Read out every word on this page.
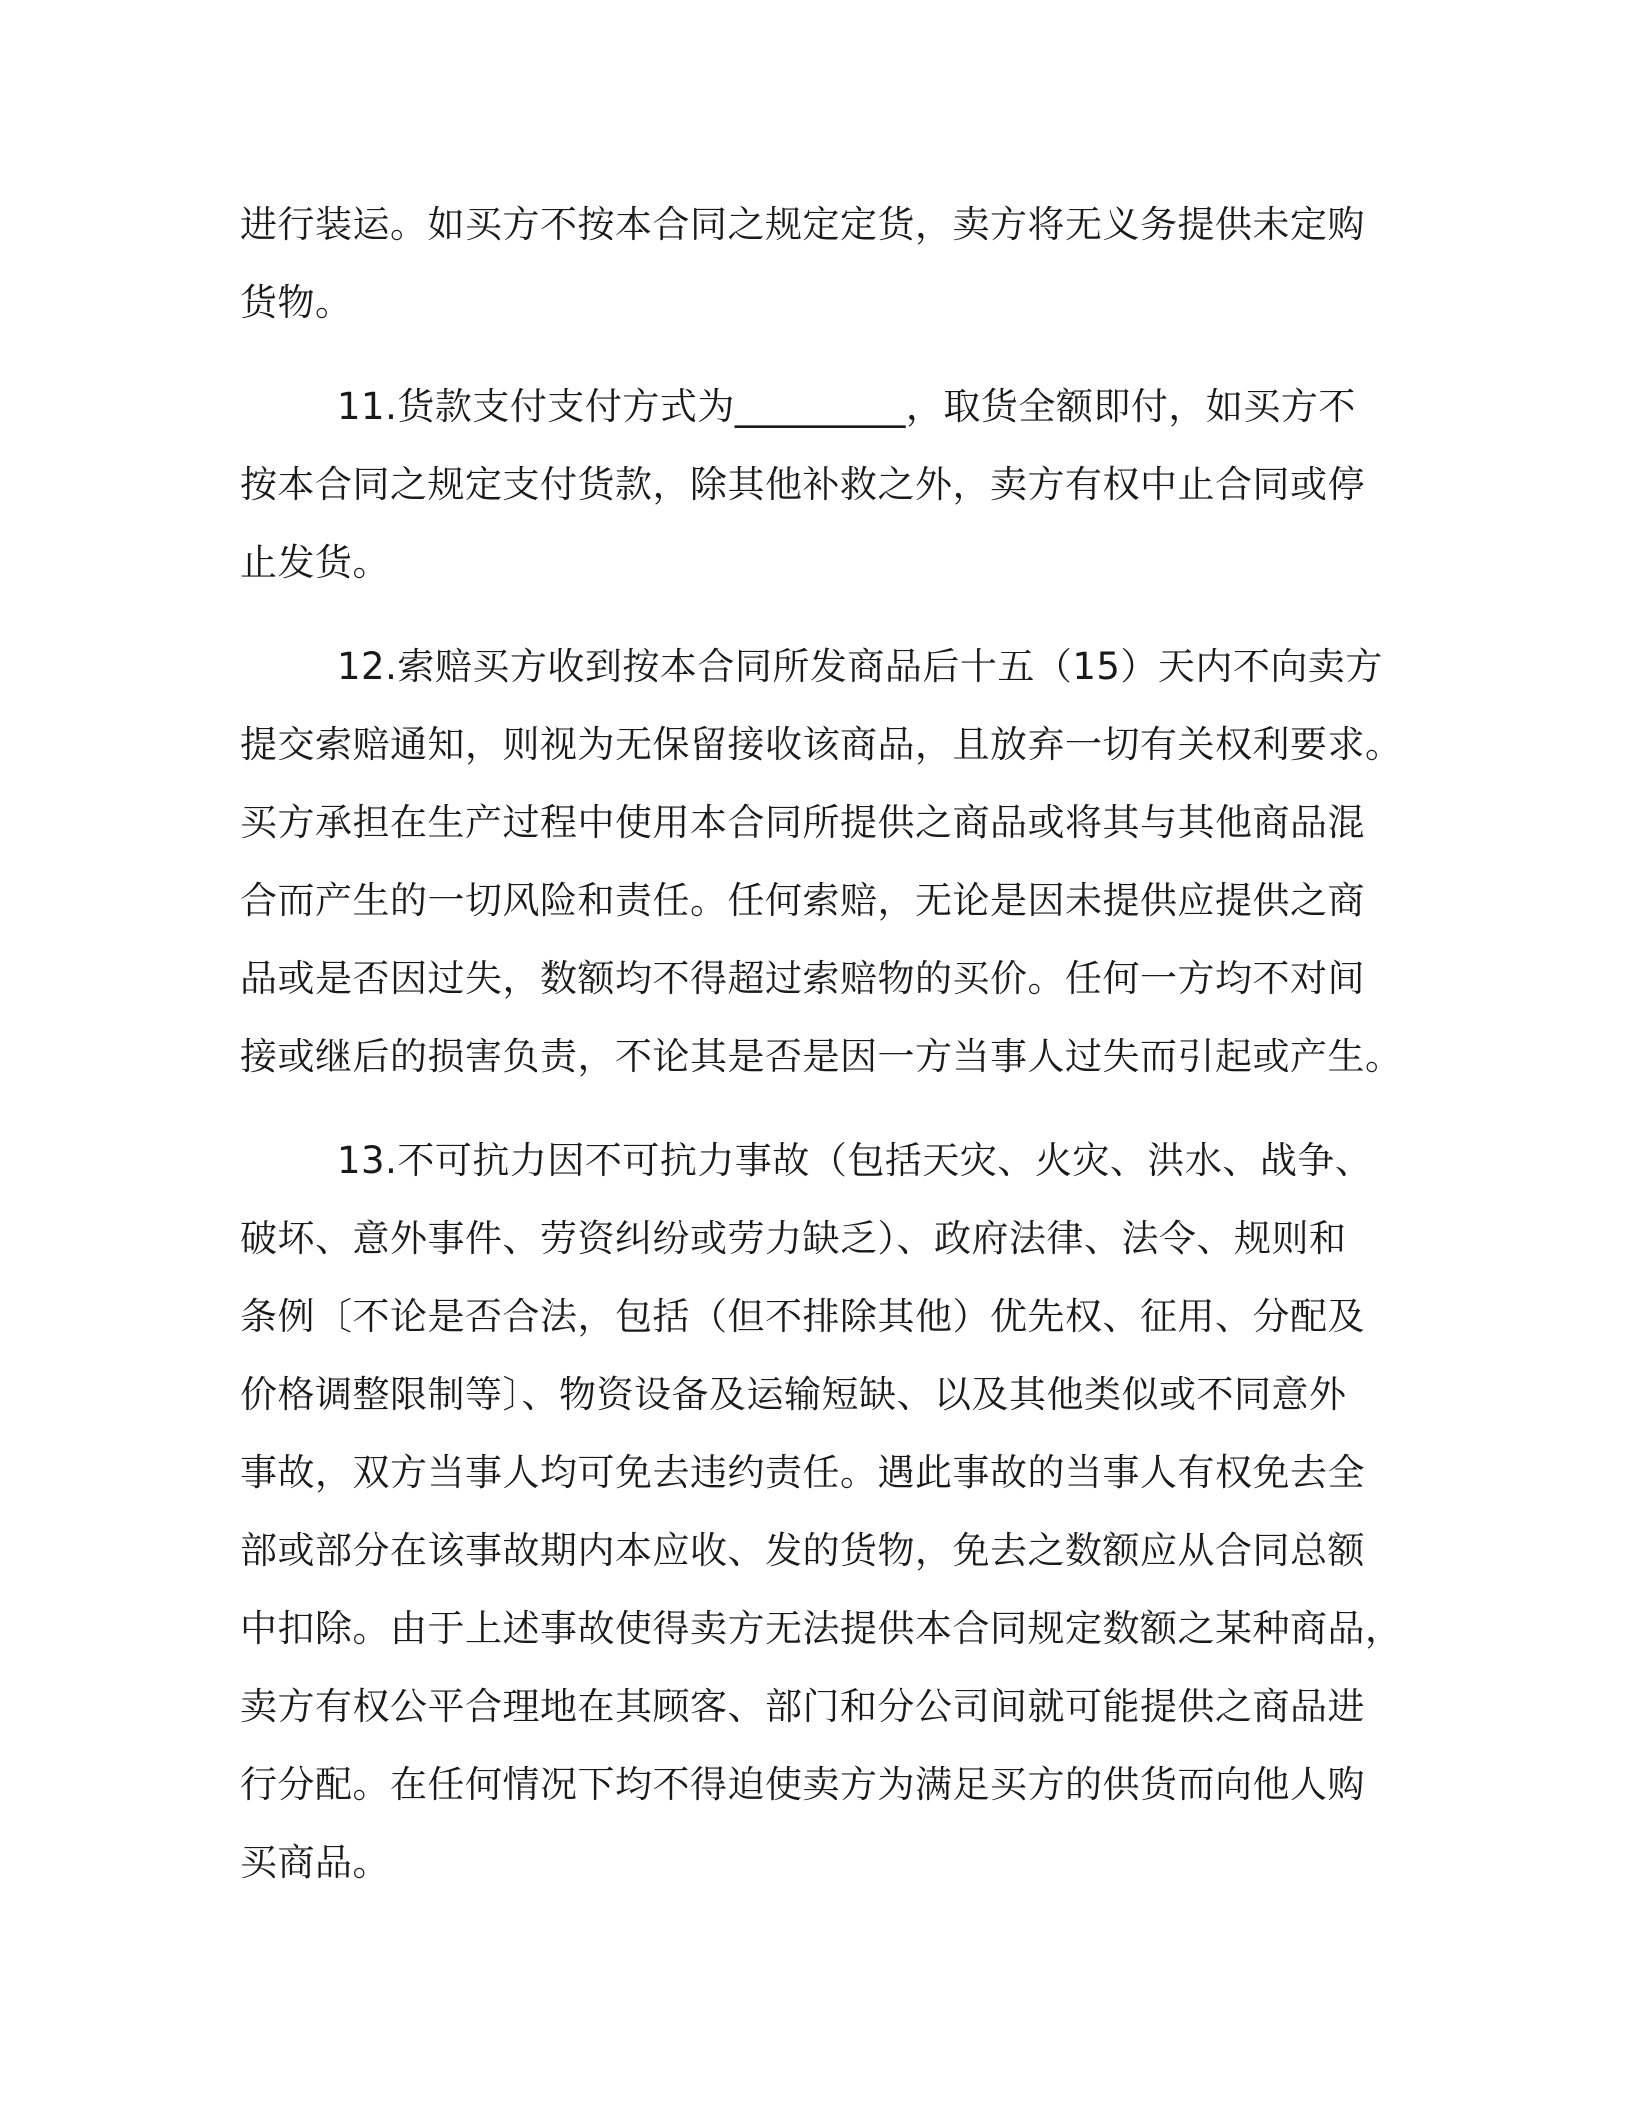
进行装运。如买方不按本合同之规定定货，卖方将无义务提供未定购
货物。
11.货款支付支付方式为_________，取货全额即付，如买方不
按本合同之规定支付货款，除其他补救之外，卖方有权中止合同或停
止发货。
12.索赔买方收到按本合同所发商品后十五（15）天内不向卖方
提交索赔通知，则视为无保留接收该商品，且放弃一切有关权利要求。
买方承担在生产过程中使用本合同所提供之商品或将其与其他商品混
合而产生的一切风险和责任。任何索赔，无论是因未提供应提供之商
品或是否因过失，数额均不得超过索赔物的买价。任何一方均不对间
接或继后的损害负责，不论其是否是因一方当事人过失而引起或产生。
13.不可抗力因不可抗力事故（包括天灾、火灾、洪水、战争、
破坏、意外事件、劳资纠纷或劳力缺乏）、政府法律、法令、规则和
条例〔不论是否合法，包括（但不排除其他）优先权、征用、分配及
价格调整限制等〕、物资设备及运输短缺、以及其他类似或不同意外
事故，双方当事人均可免去违约责任。遇此事故的当事人有权免去全
部或部分在该事故期内本应收、发的货物，免去之数额应从合同总额
中扣除。由于上述事故使得卖方无法提供本合同规定数额之某种商品，
卖方有权公平合理地在其顾客、部门和分公司间就可能提供之商品进
行分配。在任何情况下均不得迫使卖方为满足买方的供货而向他人购
买商品。
